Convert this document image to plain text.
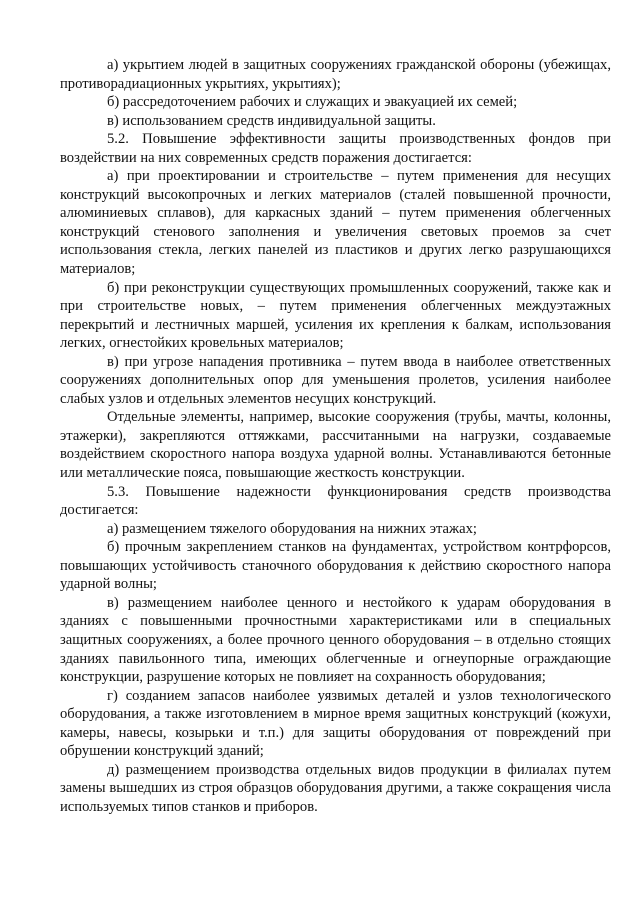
а) укрытием людей в защитных сооружениях гражданской обороны (убежищах, противорадиационных укрытиях, укрытиях);

б) рассредоточением рабочих и служащих и эвакуацией их семей;

в) использованием средств индивидуальной защиты.

5.2. Повышение эффективности защиты производственных фондов при воздействии на них современных средств поражения достигается:

а) при проектировании и строительстве – путем применения для несущих конструкций высокопрочных и легких материалов (сталей повышенной прочности, алюминиевых сплавов), для каркасных зданий – путем применения облегченных конструкций стенового заполнения и увеличения световых проемов за счет использования стекла, легких панелей из пластиков и других легко разрушающихся материалов;

б) при реконструкции существующих промышленных сооружений, также как и при строительстве новых, – путем применения облегченных междуэтажных перекрытий и лестничных маршей, усиления их крепления к балкам, использования легких, огнестойких кровельных материалов;

в) при угрозе нападения противника – путем ввода в наиболее ответственных сооружениях дополнительных опор для уменьшения пролетов, усиления наиболее слабых узлов и отдельных элементов несущих конструкций.

Отдельные элементы, например, высокие сооружения (трубы, мачты, колонны, этажерки), закрепляются оттяжками, рассчитанными на нагрузки, создаваемые воздействием скоростного напора воздуха ударной волны. Устанавливаются бетонные или металлические пояса, повышающие жесткость конструкции.

5.3. Повышение надежности функционирования средств производства достигается:

а) размещением тяжелого оборудования на нижних этажах;

б) прочным закреплением станков на фундаментах, устройством контрфорсов, повышающих устойчивость станочного оборудования к действию скоростного напора ударной волны;

в) размещением наиболее ценного и нестойкого к ударам оборудования в зданиях с повышенными прочностными характеристиками или в специальных защитных сооружениях, а более прочного ценного оборудования – в отдельно стоящих зданиях павильонного типа, имеющих облегченные и огнеупорные ограждающие конструкции, разрушение которых не повлияет на сохранность оборудования;

г) созданием запасов наиболее уязвимых деталей и узлов технологического оборудования, а также изготовлением в мирное время защитных конструкций (кожухи, камеры, навесы, козырьки и т.п.) для защиты оборудования от повреждений при обрушении конструкций зданий;

д) размещением производства отдельных видов продукции в филиалах путем замены вышедших из строя образцов оборудования другими, а также сокращения числа используемых типов станков и приборов.
